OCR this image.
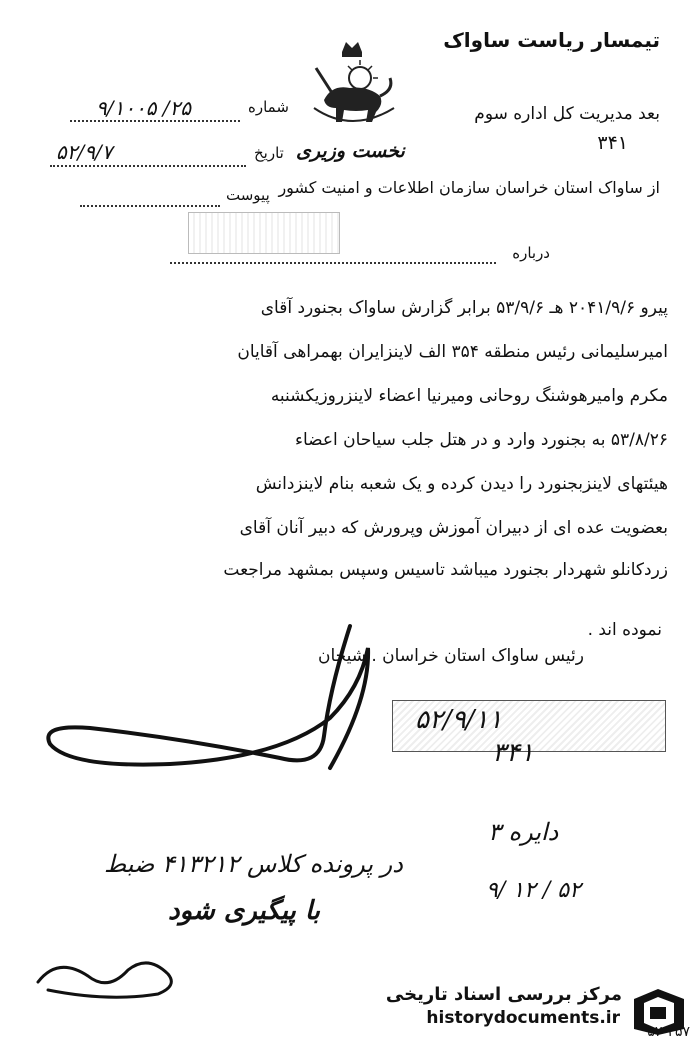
تیمسار ریاست ساواک
نخست وزیری
شماره
۲۵/ ۹/۱۰۰۵
تاریخ
۵۲/۹/۷
پیوست
بعد مدیریت کل اداره سوم
۳۴۱
از ساواک استان خراسان سازمان اطلاعات و امنیت کشور
درباره
پیرو ۲۰۴۱/۹/۶ هـ ۵۳/۹/۶ برابر گزارش ساواک بجنورد آقای
امیرسلیمانی رئیس منطقه ۳۵۴ الف لاینزایران بهمراهی آقایان
مکرم وامیرهوشنگ روحانی ومیرنیا اعضاء لاینزروزیکشنبه
۵۳/۸/۲۶ به بجنورد وارد و در هتل جلب سیاحان اعضاء
هیئتهای لاینزبجنورد را دیدن کرده و یک شعبه بنام لاینزدانش
بعضویت عده ای از دبیران آموزش وپرورش که دبیر آنان آقای
زردکانلو شهردار بجنورد میباشد تاسیس وسپس بمشهد مراجعت
نموده اند .
رئیس ساواک استان خراسان . شیخان
۵۲/۹/۱۱
۳۴۱
دایره ۳
۹/ ۱۲ / ۵۲
در پرونده کلاس ۴۱۳۲۱۲ ضبط
با پیگیری شود
مرکز بررسی اسناد تاریخی
historydocuments.ir
۵۲-۲۵۷
